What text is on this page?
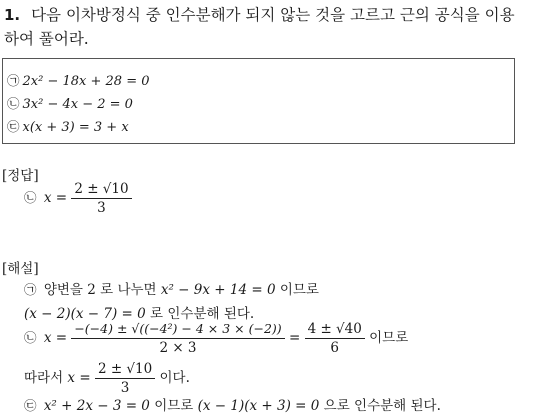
1. 다음 이차방정식 중 인수분해가 되지 않는 것을 고르고 근의 공식을 이용
하여 풀어라.
㉠ 2x² − 18x + 28 = 0
㉡ 3x² − 4x − 2 = 0
㉢ x(x + 3) = 3 + x
[정답]
㉡ $x = \frac{2 \pm √10}{3}$
[해설]
㉠ 양변을 2 로 나누면 x² − 9x + 14 = 0 이므로
(x − 2)(x − 7) = 0 로 인수분해 된다.
㉡ $x = \frac{\text{−(−4) ± √((−4²) − 4 × 3 × (−2))}}{2 \times 3} = \frac{4 \pm √40}{6}$ 이므로
따라서 $x = \frac{2 \pm √10}{3}$ 이다.
㉢ x² + 2x − 3 = 0 이므로 (x − 1)(x + 3) = 0 으로 인수분해 된다.
